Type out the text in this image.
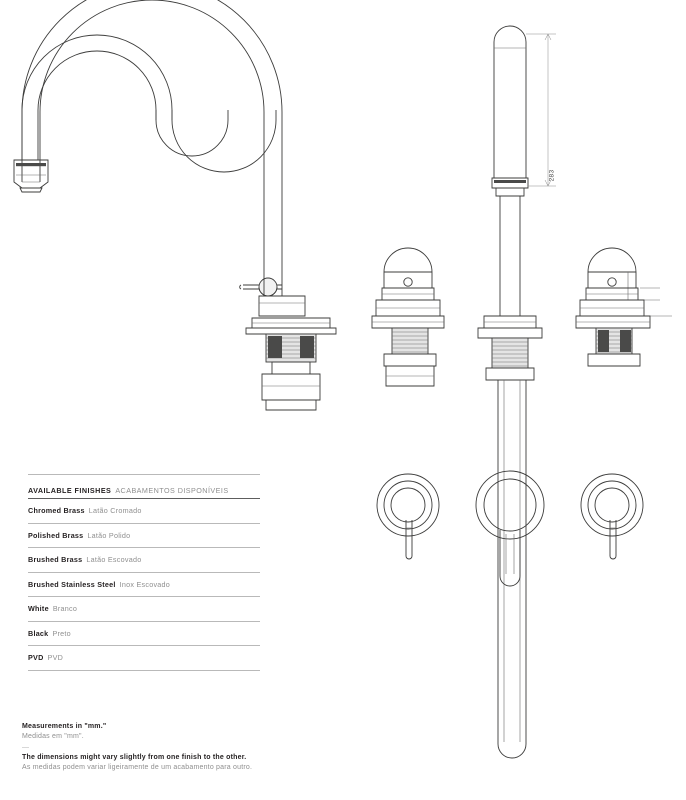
283
AVAILABLE FINISHES ACABAMENTOS DISPONÍVEIS
Chromed Brass Latão Cromado
Polished Brass Latão Polido
Brushed Brass Latão Escovado
Brushed Stainless Steel Inox Escovado
White Branco
Black Preto
PVD PVD
Measurements in "mm."
Medidas em "mm".
—
The dimensions might vary slightly from one finish to the other.
As medidas podem variar ligeiramente de um acabamento para outro.
